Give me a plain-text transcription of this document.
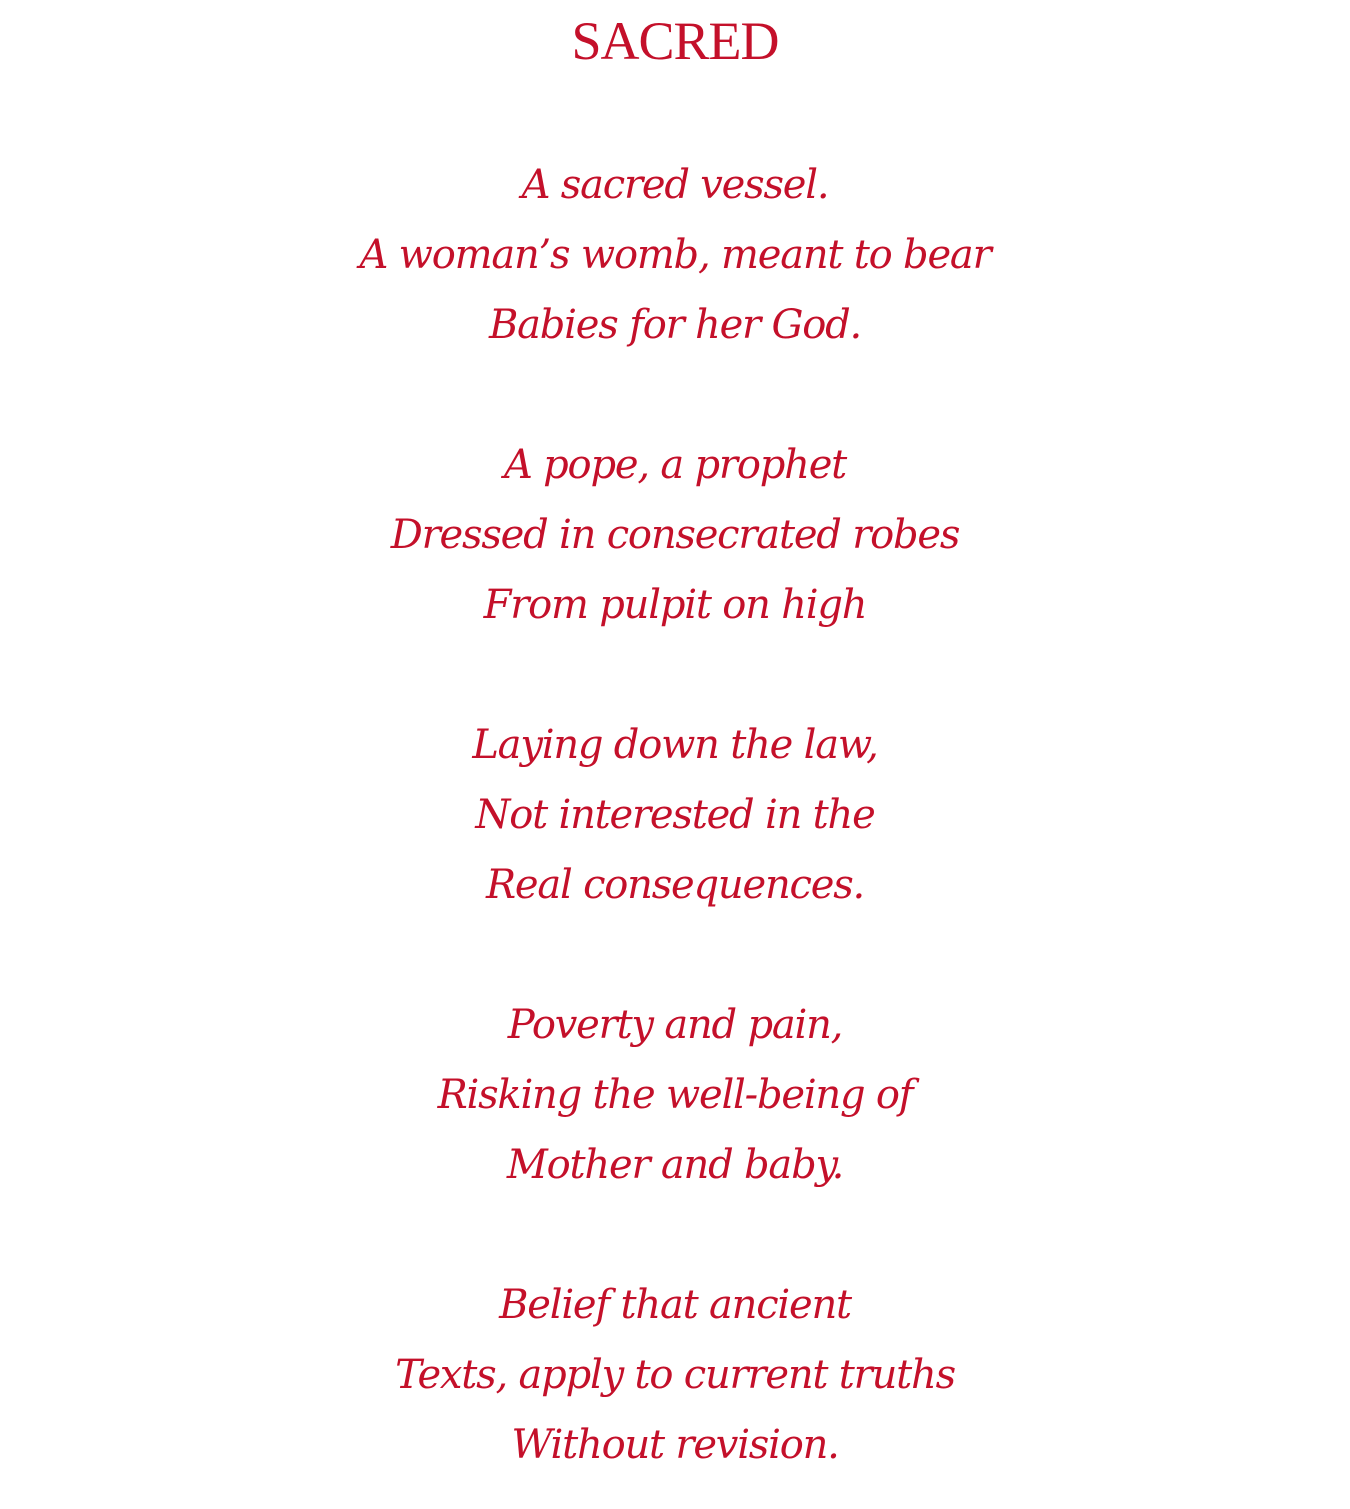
SACRED
A sacred vessel.
A woman’s womb, meant to bear
Babies for her God.
A pope, a prophet
Dressed in consecrated robes
From pulpit on high
Laying down the law,
Not interested in the
Real consequences.
Poverty and pain,
Risking the well-being of
Mother and baby.
Belief that ancient
Texts, apply to current truths
Without revision.
